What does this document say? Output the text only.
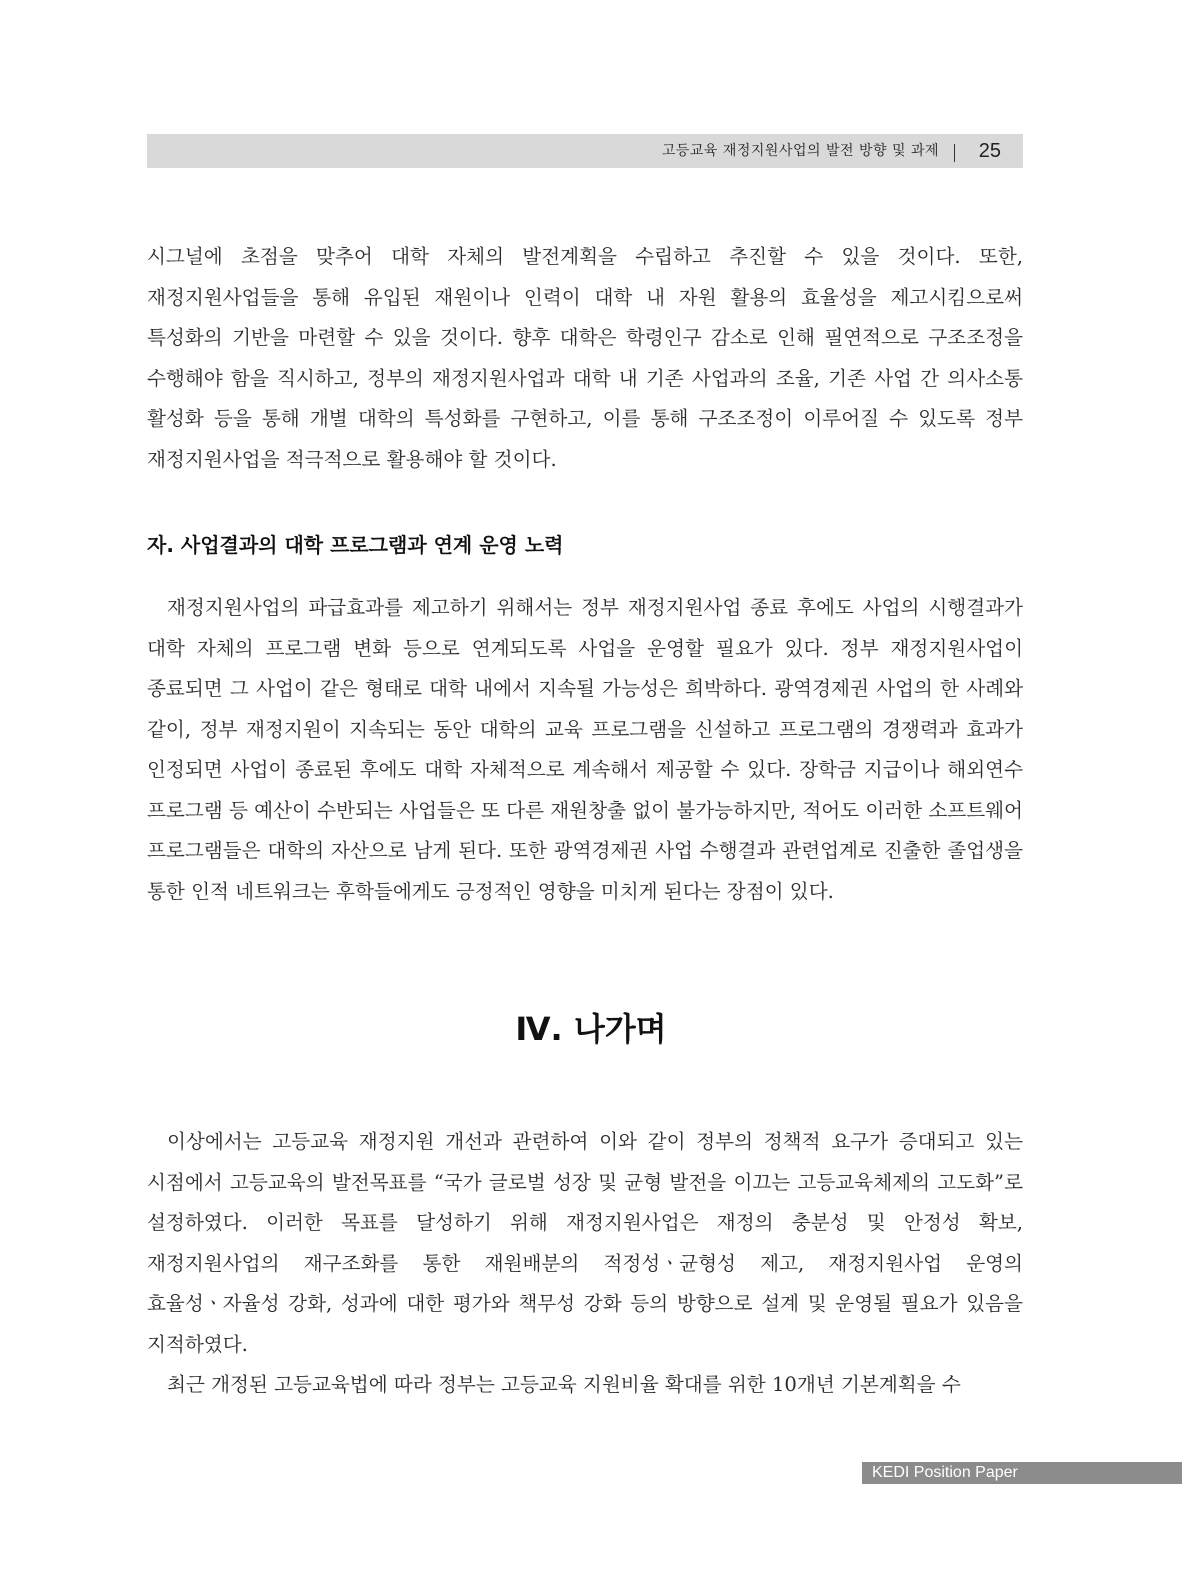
고등교육 재정지원사업의 발전 방향 및 과제 25

시그널에 초점을 맞추어 대학 자체의 발전계획을 수립하고 추진할 수 있을 것이다. 또한, 재정지원사업들을 통해 유입된 재원이나 인력이 대학 내 자원 활용의 효율성을 제고시킴으로써 특성화의 기반을 마련할 수 있을 것이다. 향후 대학은 학령인구 감소로 인해 필연적으로 구조조정을 수행해야 함을 직시하고, 정부의 재정지원사업과 대학 내 기존 사업과의 조율, 기존 사업 간 의사소통 활성화 등을 통해 개별 대학의 특성화를 구현하고, 이를 통해 구조조정이 이루어질 수 있도록 정부 재정지원사업을 적극적으로 활용해야 할 것이다.

자. 사업결과의 대학 프로그램과 연계 운영 노력

재정지원사업의 파급효과를 제고하기 위해서는 정부 재정지원사업 종료 후에도 사업의 시행결과가 대학 자체의 프로그램 변화 등으로 연계되도록 사업을 운영할 필요가 있다. 정부 재정지원사업이 종료되면 그 사업이 같은 형태로 대학 내에서 지속될 가능성은 희박하다. 광역경제권 사업의 한 사례와 같이, 정부 재정지원이 지속되는 동안 대학의 교육 프로그램을 신설하고 프로그램의 경쟁력과 효과가 인정되면 사업이 종료된 후에도 대학 자체적으로 계속해서 제공할 수 있다. 장학금 지급이나 해외연수 프로그램 등 예산이 수반되는 사업들은 또 다른 재원창출 없이 불가능하지만, 적어도 이러한 소프트웨어 프로그램들은 대학의 자산으로 남게 된다. 또한 광역경제권 사업 수행결과 관련업계로 진출한 졸업생을 통한 인적 네트워크는 후학들에게도 긍정적인 영향을 미치게 된다는 장점이 있다.

Ⅳ. 나가며

이상에서는 고등교육 재정지원 개선과 관련하여 이와 같이 정부의 정책적 요구가 증대되고 있는 시점에서 고등교육의 발전목표를 “국가 글로벌 성장 및 균형 발전을 이끄는 고등교육체제의 고도화”로 설정하였다. 이러한 목표를 달성하기 위해 재정지원사업은 재정의 충분성 및 안정성 확보, 재정지원사업의 재구조화를 통한 재원배분의 적정성ㆍ균형성 제고, 재정지원사업 운영의 효율성ㆍ자율성 강화, 성과에 대한 평가와 책무성 강화 등의 방향으로 설계 및 운영될 필요가 있음을 지적하였다.

최근 개정된 고등교육법에 따라 정부는 고등교육 지원비율 확대를 위한 10개년 기본계획을 수

KEDI Position Paper
